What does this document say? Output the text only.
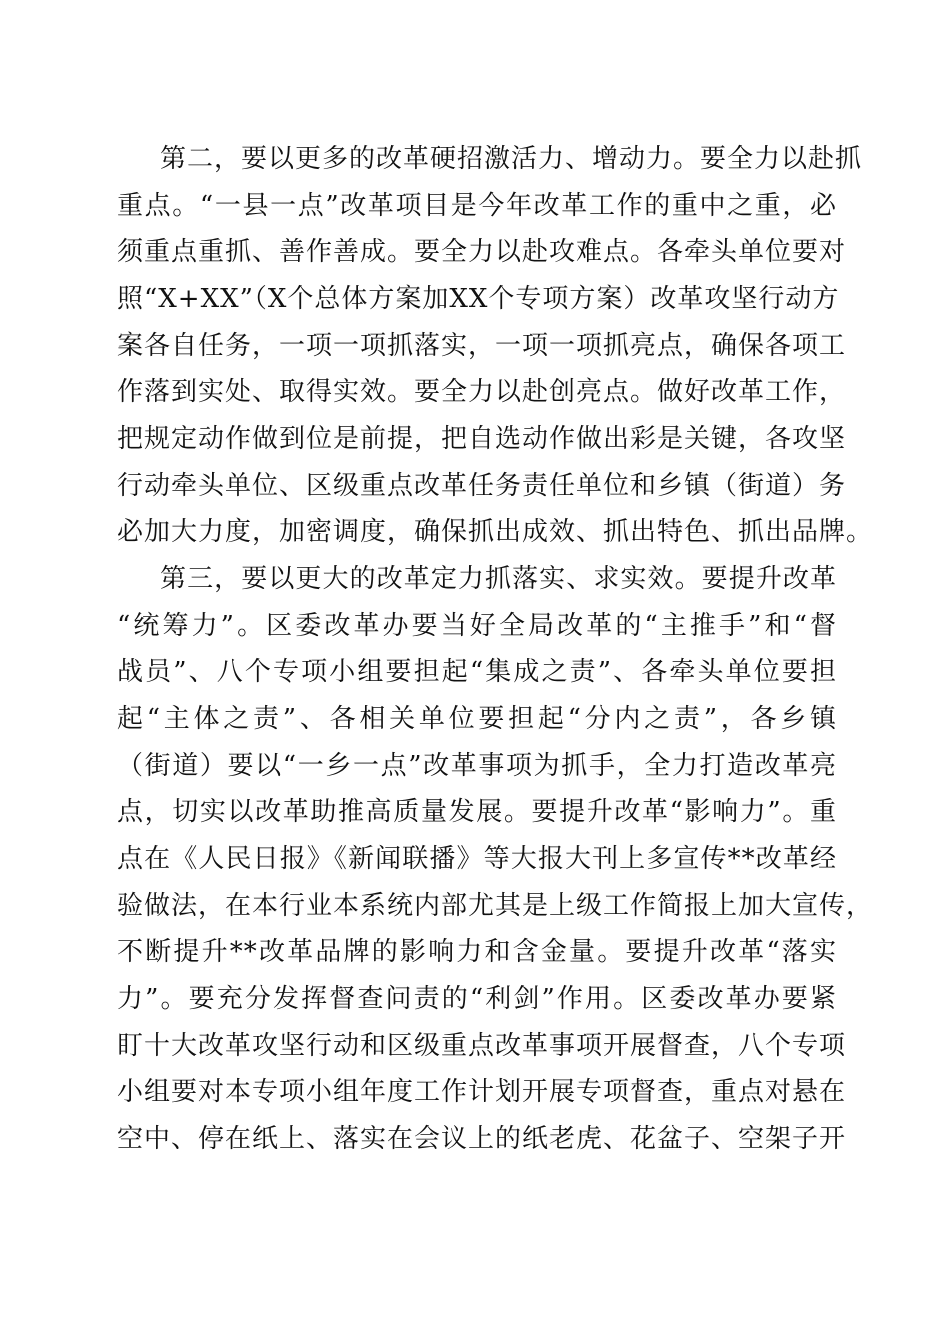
第二，要以更多的改革硬招激活力、增动力。要全力以赴抓
重点。“一县一点”改革项目是今年改革工作的重中之重，必
须重点重抓、善作善成。要全力以赴攻难点。各牵头单位要对
照“X+XX”（X个总体方案加XX个专项方案）改革攻坚行动方
案各自任务，一项一项抓落实，一项一项抓亮点，确保各项工
作落到实处、取得实效。要全力以赴创亮点。做好改革工作，
把规定动作做到位是前提，把自选动作做出彩是关键，各攻坚
行动牵头单位、区级重点改革任务责任单位和乡镇（街道）务
必加大力度，加密调度，确保抓出成效、抓出特色、抓出品牌。
第三，要以更大的改革定力抓落实、求实效。要提升改革
“统筹力”。区委改革办要当好全局改革的“主推手”和“督
战员”、八个专项小组要担起“集成之责”、各牵头单位要担
起“主体之责”、各相关单位要担起“分内之责”，各乡镇
（街道）要以“一乡一点”改革事项为抓手，全力打造改革亮
点，切实以改革助推高质量发展。要提升改革“影响力”。重
点在《人民日报》《新闻联播》等大报大刊上多宣传**改革经
验做法，在本行业本系统内部尤其是上级工作简报上加大宣传，
不断提升**改革品牌的影响力和含金量。要提升改革“落实
力”。要充分发挥督查问责的“利剑”作用。区委改革办要紧
盯十大改革攻坚行动和区级重点改革事项开展督查，八个专项
小组要对本专项小组年度工作计划开展专项督查，重点对悬在
空中、停在纸上、落实在会议上的纸老虎、花盆子、空架子开
